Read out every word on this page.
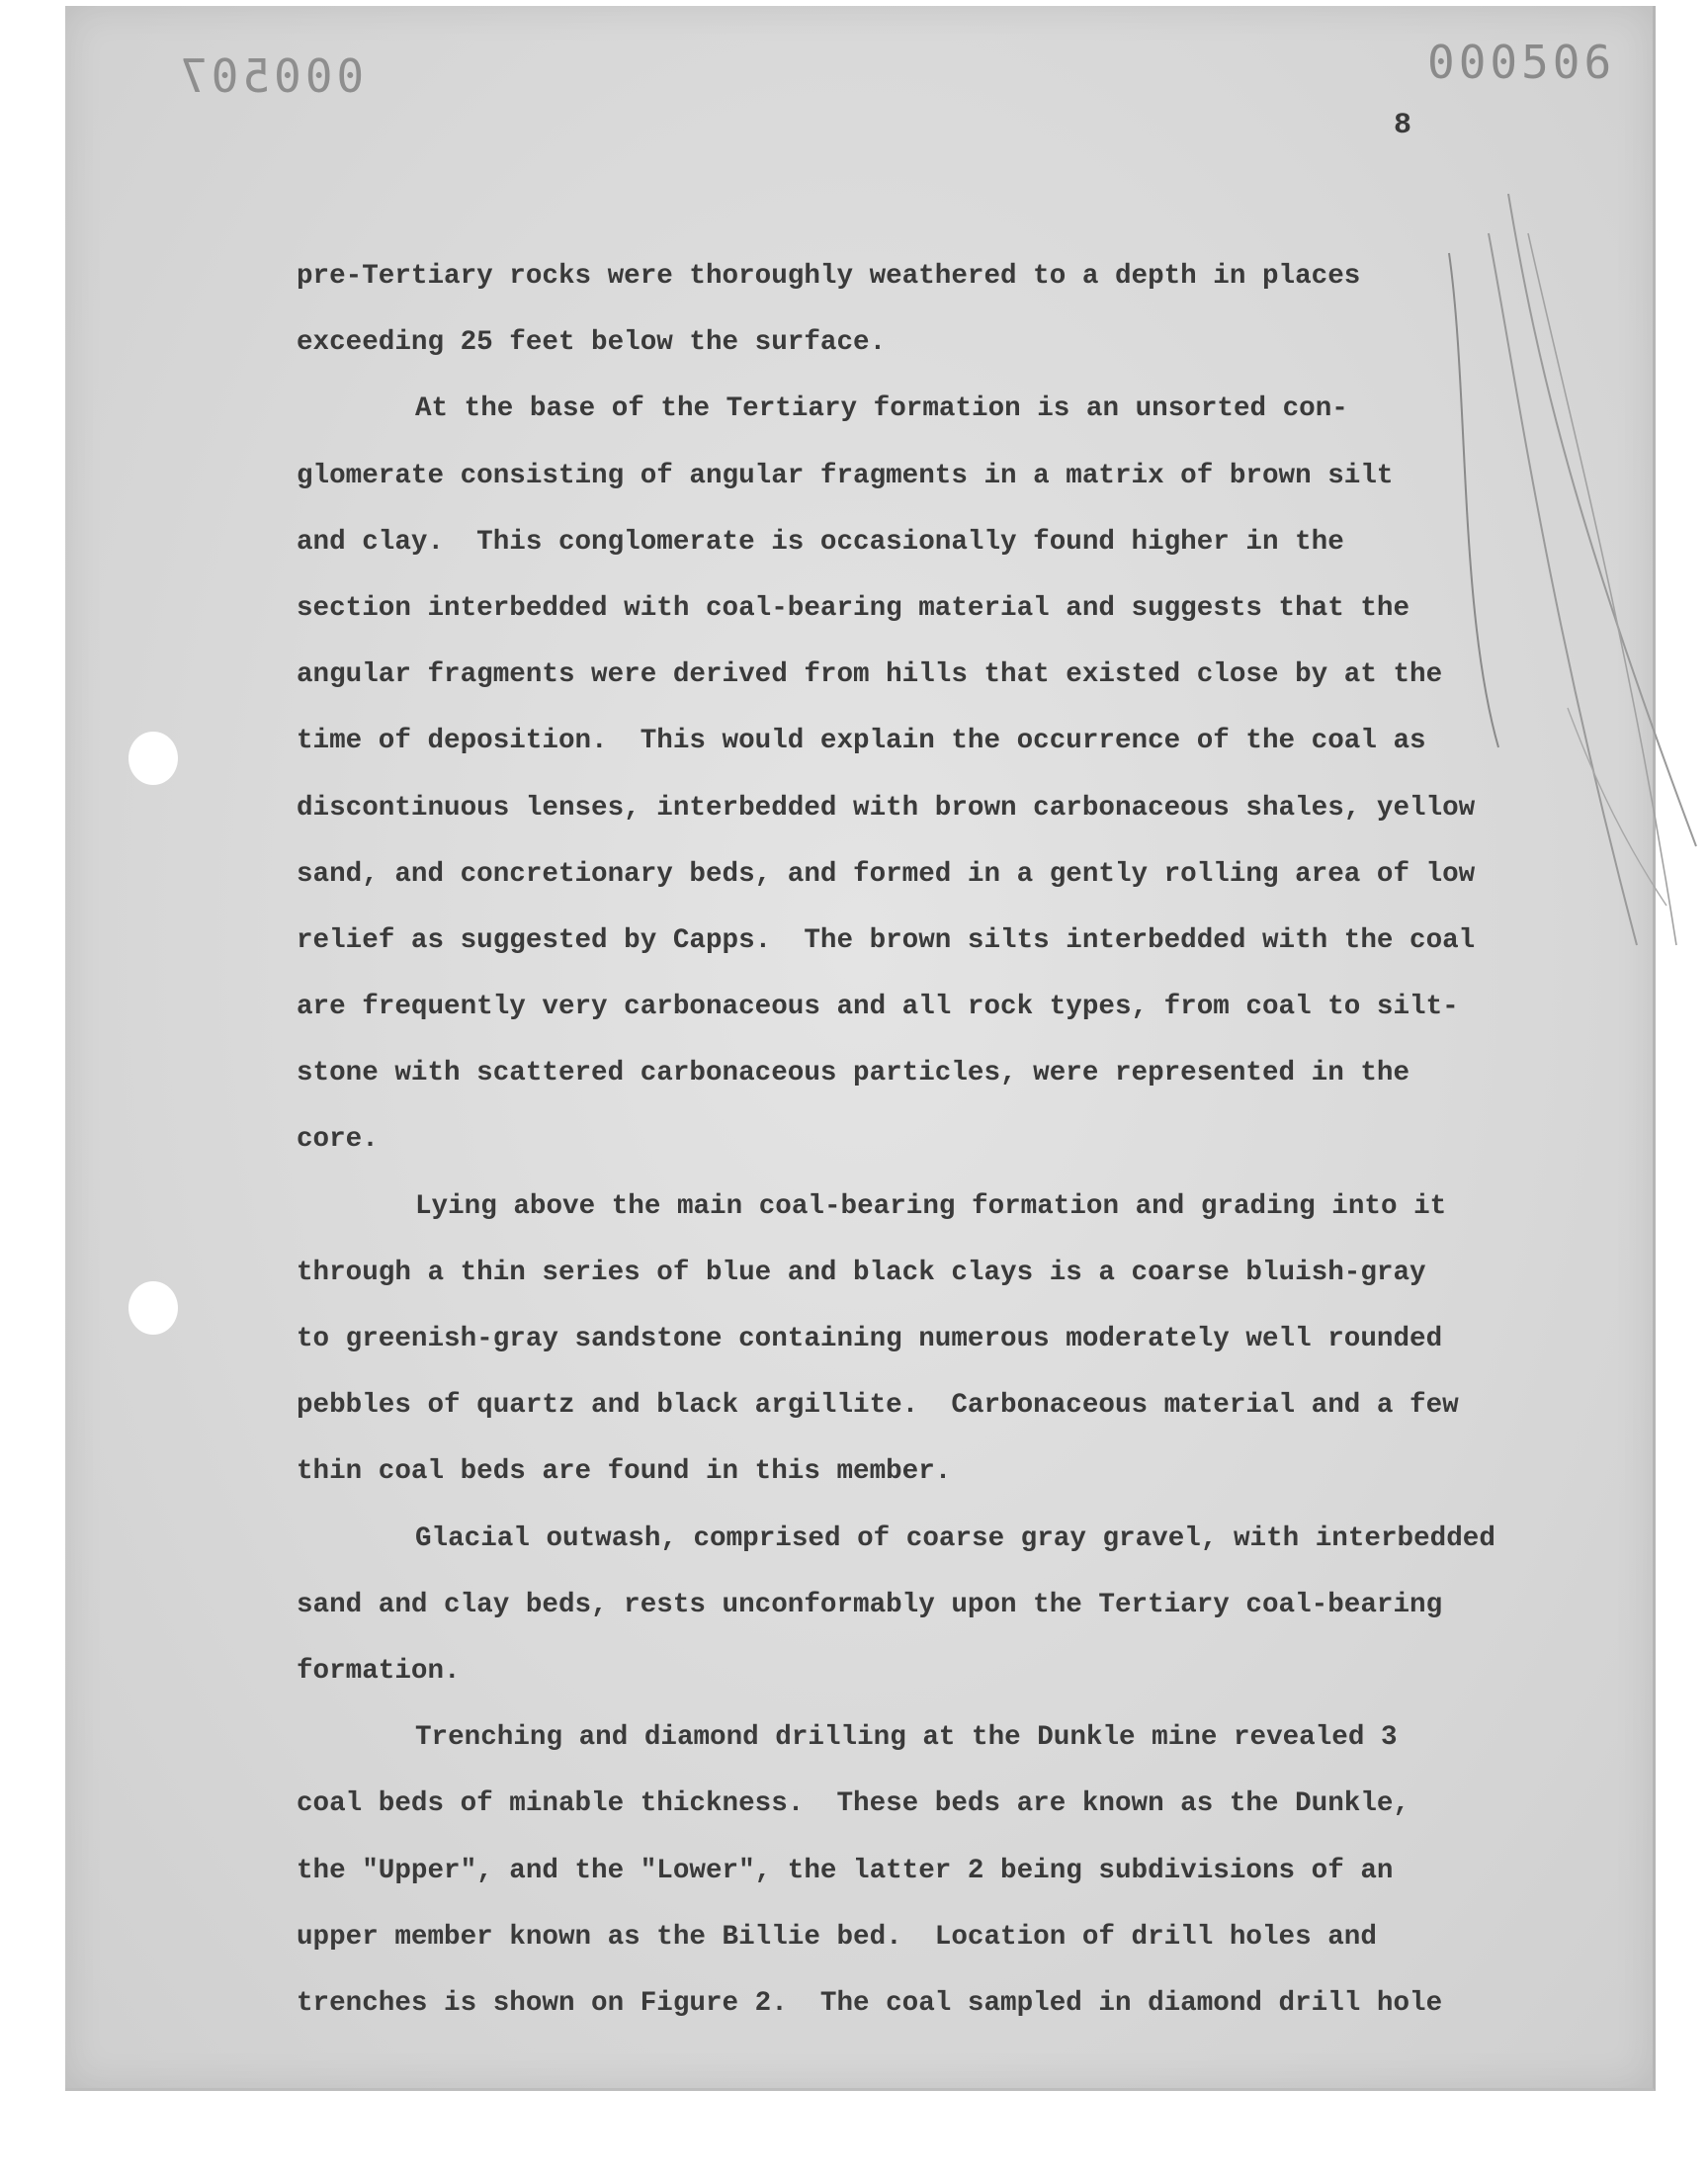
000507	000506
8
pre-Tertiary rocks were thoroughly weathered to a depth in places
exceeding 25 feet below the surface.
At the base of the Tertiary formation is an unsorted con-
glomerate consisting of angular fragments in a matrix of brown silt
and clay.  This conglomerate is occasionally found higher in the
section interbedded with coal-bearing material and suggests that the
angular fragments were derived from hills that existed close by at the
time of deposition.  This would explain the occurrence of the coal as
discontinuous lenses, interbedded with brown carbonaceous shales, yellow
sand, and concretionary beds, and formed in a gently rolling area of low
relief as suggested by Capps.  The brown silts interbedded with the coal
are frequently very carbonaceous and all rock types, from coal to silt-
stone with scattered carbonaceous particles, were represented in the
core.
Lying above the main coal-bearing formation and grading into it
through a thin series of blue and black clays is a coarse bluish-gray
to greenish-gray sandstone containing numerous moderately well rounded
pebbles of quartz and black argillite.  Carbonaceous material and a few
thin coal beds are found in this member.
Glacial outwash, comprised of coarse gray gravel, with interbedded
sand and clay beds, rests unconformably upon the Tertiary coal-bearing
formation.
Trenching and diamond drilling at the Dunkle mine revealed 3
coal beds of minable thickness.  These beds are known as the Dunkle,
the "Upper", and the "Lower", the latter 2 being subdivisions of an
upper member known as the Billie bed.  Location of drill holes and
trenches is shown on Figure 2.  The coal sampled in diamond drill hole
